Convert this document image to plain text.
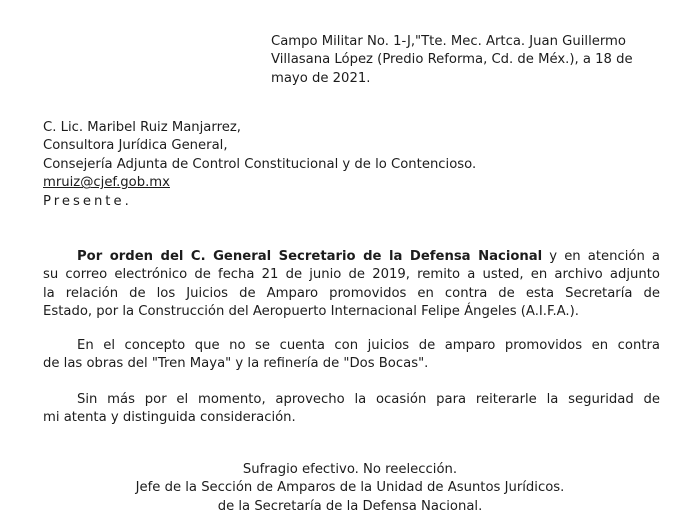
Campo Militar No. 1-J,"Tte. Mec. Artca. Juan Guillermo
Villasana López (Predio Reforma, Cd. de Méx.), a 18 de
mayo de 2021.
C. Lic. Maribel Ruiz Manjarrez,
Consultora Jurídica General,
Consejería Adjunta de Control Constitucional y de lo Contencioso.
mruiz@cjef.gob.mx
Presente.
Por orden del C. General Secretario de la Defensa Nacional y en atención a
su correo electrónico de fecha 21 de junio de 2019, remito a usted, en archivo adjunto
la relación de los Juicios de Amparo promovidos en contra de esta Secretaría de
Estado, por la Construcción del Aeropuerto Internacional Felipe Ángeles (A.I.F.A.).
En el concepto que no se cuenta con juicios de amparo promovidos en contra
de las obras del "Tren Maya" y la refinería de "Dos Bocas".
Sin más por el momento, aprovecho la ocasión para reiterarle la seguridad de
mi atenta y distinguida consideración.
Sufragio efectivo. No reelección.
Jefe de la Sección de Amparos de la Unidad de Asuntos Jurídicos.
de la Secretaría de la Defensa Nacional.
